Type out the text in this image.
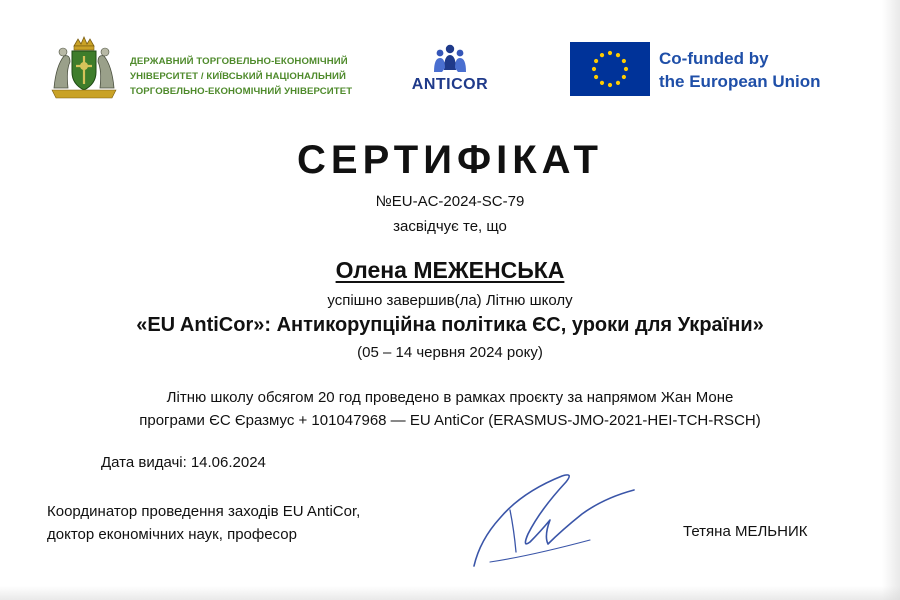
ДЕРЖАВНИЙ ТОРГОВЕЛЬНО-ЕКОНОМІЧНИЙ
УНІВЕРСИТЕТ / КИЇВСЬКИЙ НАЦІОНАЛЬНИЙ
ТОРГОВЕЛЬНО-ЕКОНОМІЧНИЙ УНІВЕРСИТЕТ	ANTICOR
Co-funded by
the European Union
СЕРТИФІКАТ
№EU-AC-2024-SC-79
засвідчує те, що
Олена МЕЖЕНСЬКА
успішно завершив(ла) Літню школу
«EU AntiCor»: Антикорупційна політика ЄС, уроки для України»
(05 – 14 червня 2024 року)
Літню школу обсягом 20 год проведено в рамках проєкту за напрямом Жан Моне
програми ЄС Єразмус + 101047968 — EU AntiCor (ERASMUS-JMO-2021-HEI-TCH-RSCH)
Дата видачі: 14.06.2024
Координатор проведення заходів EU AntiCor,
доктор економічних наук, професор	Тетяна МЕЛЬНИК
